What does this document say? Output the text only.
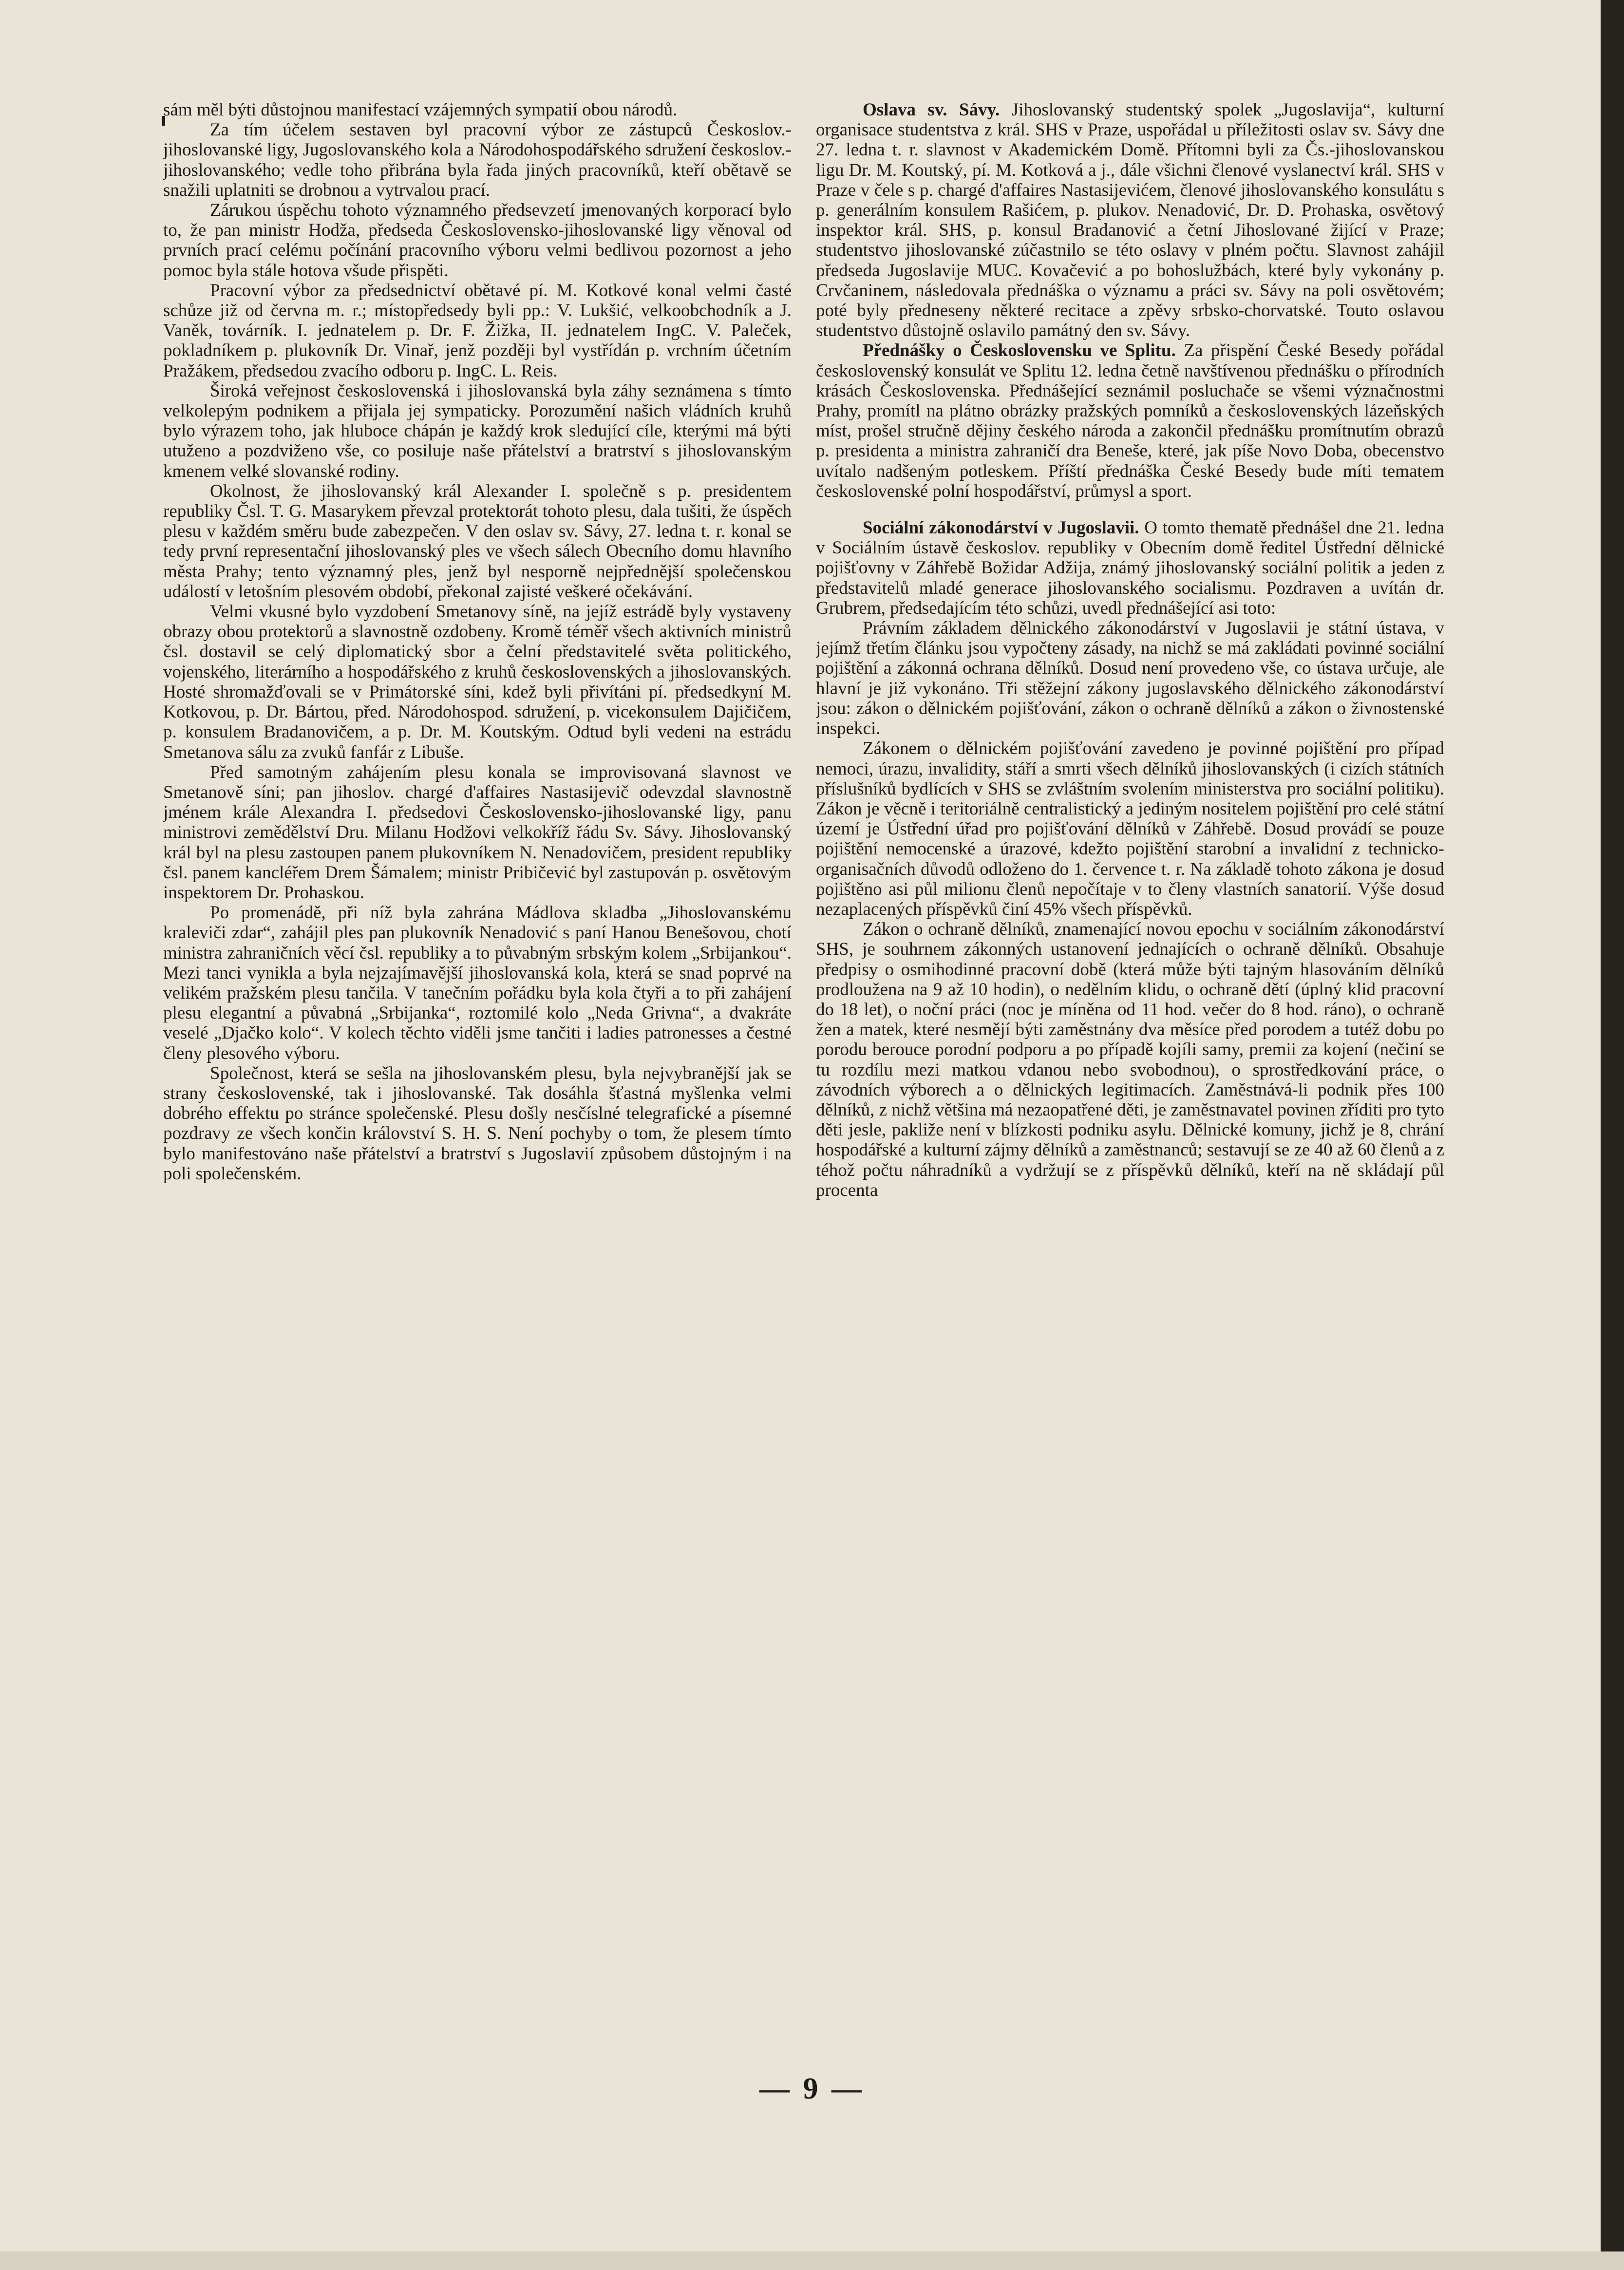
sám měl býti důstojnou manifestací vzájemných sympatií obou národů.

Za tím účelem sestaven byl pracovní výbor ze zástupců Českoslov.-jihoslovanské ligy, Jugoslovanského kola a Národohospodářského sdružení českoslov.-jihoslovanského; vedle toho přibrána byla řada jiných pracovníků, kteří obětavě se snažili uplatniti se drobnou a vytrvalou prací.

Zárukou úspěchu tohoto významného předsevzetí jmenovaných korporací bylo to, že pan ministr Hodža, předseda Československo-jihoslovanské ligy věnoval od prvních prací celému počínání pracovního výboru velmi bedlivou pozornost a jeho pomoc byla stále hotova všude přispěti.

Pracovní výbor za předsednictví obětavé pí. M. Kotkové konal velmi časté schůze již od června m. r.; místopředsedy byli pp.: V. Lukšić, velkoobchodník a J. Vaněk, továrník. I. jednatelem p. Dr. F. Žižka, II. jednatelem IngC. V. Paleček, pokladníkem p. plukovník Dr. Vinař, jenž později byl vystřídán p. vrchním účetním Pražákem, předsedou zvacího odboru p. IngC. L. Reis.

Široká veřejnost československá i jihoslovanská byla záhy seznámena s tímto velkolepým podnikem a přijala jej sympaticky. Porozumění našich vládních kruhů bylo výrazem toho, jak hluboce chápán je každý krok sledující cíle, kterými má býti utuženo a pozdviženo vše, co posiluje naše přátelství a bratrství s jihoslovanským kmenem velké slovanské rodiny.

Okolnost, že jihoslovanský král Alexander I. společně s p. presidentem republiky Čsl. T. G. Masarykem převzal protektorát tohoto plesu, dala tušiti, že úspěch plesu v každém směru bude zabezpečen. V den oslav sv. Sávy, 27. ledna t. r. konal se tedy první representační jihoslovanský ples ve všech sálech Obecního domu hlavního města Prahy; tento významný ples, jenž byl nesporně nejpřednější společenskou událostí v letošním plesovém období, překonal zajisté veškeré očekávání.

Velmi vkusné bylo vyzdobení Smetanovy síně, na jejíž estrádě byly vystaveny obrazy obou protektorů a slavnostně ozdobeny. Kromě téměř všech aktivních ministrů čsl. dostavil se celý diplomatický sbor a čelní představitelé světa politického, vojenského, literárního a hospodářského z kruhů československých a jihoslovanských. Hosté shromažďovali se v Primátorské síni, kdež byli přivítáni pí. předsedkyní M. Kotkovou, p. Dr. Bártou, před. Národohospod. sdružení, p. vicekonsulem Dajičičem, p. konsulem Bradanovičem, a p. Dr. M. Koutským. Odtud byli vedeni na estrádu Smetanova sálu za zvuků fanfár z Libuše.

Před samotným zahájením plesu konala se improvisovaná slavnost ve Smetanově síni; pan jihoslov. chargé d'affaires Nastasijevič odevzdal slavnostně jménem krále Alexandra I. předsedovi Československo-jihoslovanské ligy, panu ministrovi zemědělství Dru. Milanu Hodžovi velkokříž řádu Sv. Sávy. Jihoslovanský král byl na plesu zastoupen panem plukovníkem N. Nenadovičem, president republiky čsl. panem kancléřem Drem Šámalem; ministr Pribičević byl zastupován p. osvětovým inspektorem Dr. Prohaskou.

Po promenádě, při níž byla zahrána Mádlova skladba „Jihoslovanskému kraleviči zdar“, zahájil ples pan plukovník Nenadović s paní Hanou Benešovou, chotí ministra zahraničních věcí čsl. republiky a to půvabným srbským kolem „Srbijankou“. Mezi tanci vynikla a byla nejzajímavější jihoslovanská kola, která se snad poprvé na velikém pražském plesu tančila. V tanečním pořádku byla kola čtyři a to při zahájení plesu elegantní a půvabná „Srbijanka“, roztomilé kolo „Neda Grivna“, a dvakráte veselé „Djačko kolo“. V kolech těchto viděli jsme tančiti i ladies patronesses a čestné členy plesového výboru.

Společnost, která se sešla na jihoslovanském plesu, byla nejvybranější jak se strany československé, tak i jihoslovanské. Tak dosáhla šťastná myšlenka velmi dobrého effektu po stránce společenské. Plesu došly nesčíslné telegrafické a písemné pozdravy ze všech končin království S. H. S. Není pochyby o tom, že plesem tímto bylo manifestováno naše přátelství a bratrství s Jugoslavií způsobem důstojným i na poli společenském.

Oslava sv. Sávy. Jihoslovanský studentský spolek „Jugoslavija“, kulturní organisace studentstva z král. SHS v Praze, uspořádal u příležitosti oslav sv. Sávy dne 27. ledna t. r. slavnost v Akademickém Domě. Přítomni byli za Čs.-jihoslovanskou ligu Dr. M. Koutský, pí. M. Kotková a j., dále všichni členové vyslanectví král. SHS v Praze v čele s p. chargé d'affaires Nastasijevićem, členové jihoslovanského konsulátu s p. generálním konsulem Rašićem, p. plukov. Nenadović, Dr. D. Prohaska, osvětový inspektor král. SHS, p. konsul Bradanović a četní Jihoslované žijící v Praze; studentstvo jihoslovanské zúčastnilo se této oslavy v plném počtu. Slavnost zahájil předseda Jugoslavije MUC. Kovačević a po bohoslužbách, které byly vykonány p. Crvčaninem, následovala přednáška o významu a práci sv. Sávy na poli osvětovém; poté byly předneseny některé recitace a zpěvy srbsko-chorvatské. Touto oslavou studentstvo důstojně oslavilo památný den sv. Sávy.

Přednášky o Československu ve Splitu. Za přispění České Besedy pořádal československý konsulát ve Splitu 12. ledna četně navštívenou přednášku o přírodních krásách Československa. Přednášející seznámil posluchače se všemi význačnostmi Prahy, promítl na plátno obrázky pražských pomníků a československých lázeňských míst, prošel stručně dějiny českého národa a zakončil přednášku promítnutím obrazů p. presidenta a ministra zahraničí dra Beneše, které, jak píše Novo Doba, obecenstvo uvítalo nadšeným potleskem. Příští přednáška České Besedy bude míti tematem československé polní hospodářství, průmysl a sport.

Sociální zákonodárství v Jugoslavii. O tomto thematě přednášel dne 21. ledna v Sociálním ústavě českoslov. republiky v Obecním domě ředitel Ústřední dělnické pojišťovny v Záhřebě Božidar Adžija, známý jihoslovanský sociální politik a jeden z představitelů mladé generace jihoslovanského socialismu. Pozdraven a uvítán dr. Grubrem, předsedajícím této schůzi, uvedl přednášející asi toto:

Právním základem dělnického zákonodárství v Jugoslavii je státní ústava, v jejímž třetím článku jsou vypočteny zásady, na nichž se má zakládati povinné sociální pojištění a zákonná ochrana dělníků. Dosud není provedeno vše, co ústava určuje, ale hlavní je již vykonáno. Tři stěžejní zákony jugoslavského dělnického zákonodárství jsou: zákon o dělnickém pojišťování, zákon o ochraně dělníků a zákon o živnostenské inspekci.

Zákonem o dělnickém pojišťování zavedeno je povinné pojištění pro případ nemoci, úrazu, invalidity, stáří a smrti všech dělníků jihoslovanských (i cizích státních příslušníků bydlících v SHS se zvláštním svolením ministerstva pro sociální politiku). Zákon je věcně i teritoriálně centralistický a jediným nositelem pojištění pro celé státní území je Ústřední úřad pro pojišťování dělníků v Záhřebě. Dosud provádí se pouze pojištění nemocenské a úrazové, kdežto pojištění starobní a invalidní z technicko-organisačních důvodů odloženo do 1. července t. r. Na základě tohoto zákona je dosud pojištěno asi půl milionu členů nepočítaje v to členy vlastních sanatorií. Výše dosud nezaplacených příspěvků činí 45% všech příspěvků.

Zákon o ochraně dělníků, znamenající novou epochu v sociálním zákonodárství SHS, je souhrnem zákonných ustanovení jednajících o ochraně dělníků. Obsahuje předpisy o osmihodinné pracovní době (která může býti tajným hlasováním dělníků prodloužena na 9 až 10 hodin), o nedělním klidu, o ochraně dětí (úplný klid pracovní do 18 let), o noční práci (noc je míněna od 11 hod. večer do 8 hod. ráno), o ochraně žen a matek, které nesmějí býti zaměstnány dva měsíce před porodem a tutéž dobu po porodu berouce porodní podporu a po případě kojíli samy, premii za kojení (nečiní se tu rozdílu mezi matkou vdanou nebo svobodnou), o sprostředkování práce, o závodních výborech a o dělnických legitimacích. Zaměstnává-li podnik přes 100 dělníků, z nichž většina má nezaopatřené děti, je zaměstnavatel povinen zříditi pro tyto děti jesle, pakliže není v blízkosti podniku asylu. Dělnické komuny, jichž je 8, chrání hospodářské a kulturní zájmy dělníků a zaměstnanců; sestavují se ze 40 až 60 členů a z téhož počtu náhradníků a vydržují se z příspěvků dělníků, kteří na ně skládají půl procenta

— 9 —
